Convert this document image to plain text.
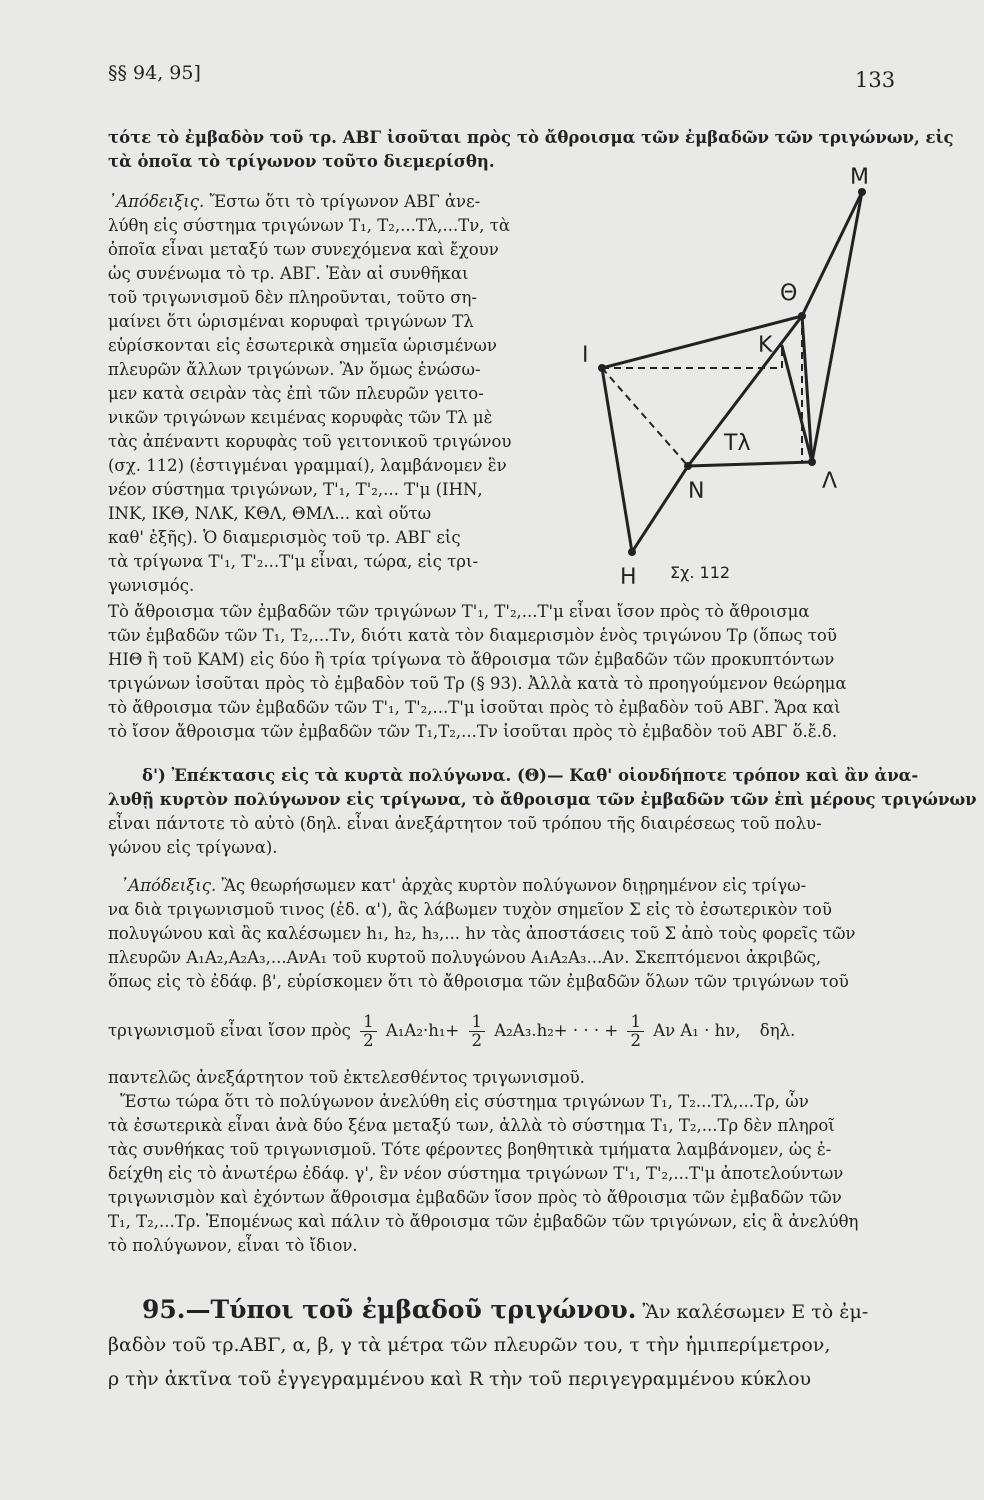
§§ 94, 95]	133
τότε τὸ ἐμβαδὸν τοῦ τρ. ΑΒΓ ἰσοῦται πρὸς τὸ ἄθροισμα τῶν ἐμβαδῶν τῶν τριγώνων, εἰς
τὰ ὁποῖα τὸ τρίγωνον τοῦτο διεμερίσθη.
᾿Απόδειξις. Ἔστω ὅτι τὸ τρίγωνον ΑΒΓ ἀνε-
λύθη εἰς σύστημα τριγώνων Τ₁, Τ₂,...Τλ,...Τν, τὰ
ὁποῖα εἶναι μεταξύ των συνεχόμενα καὶ ἔχουν
ὡς συνένωμα τὸ τρ. ΑΒΓ. Ἐὰν αἱ συνθῆκαι
τοῦ τριγωνισμοῦ δὲν πληροῦνται, τοῦτο ση-
μαίνει ὅτι ὡρισμέναι κορυφαὶ τριγώνων Τλ
εὑρίσκονται εἰς ἐσωτερικὰ σημεῖα ὡρισμένων
πλευρῶν ἄλλων τριγώνων. Ἂν ὅμως ἑνώσω-
μεν κατὰ σειρὰν τὰς ἐπὶ τῶν πλευρῶν γειτο-
νικῶν τριγώνων κειμένας κορυφὰς τῶν Τλ μὲ
τὰς ἀπέναντι κορυφὰς τοῦ γειτονικοῦ τριγώνου
(σχ. 112) (ἐστιγμέναι γραμμαί), λαμβάνομεν ἓν
νέον σύστημα τριγώνων, Τ'₁, Τ'₂,... Τ'μ (ΙΗΝ,
ΙΝΚ, ΙΚΘ, ΝΛΚ, ΚΘΛ, ΘΜΛ... καὶ οὕτω
καθ' ἑξῆς). Ὁ διαμερισμὸς τοῦ τρ. ΑΒΓ εἰς
τὰ τρίγωνα Τ'₁, Τ'₂...Τ'μ εἶναι, τώρα, εἰς τρι-
γωνισμός.
Τὸ ἄθροισμα τῶν ἐμβαδῶν τῶν τριγώνων Τ'₁, Τ'₂,...Τ'μ εἶναι ἴσον πρὸς τὸ ἄθροισμα
τῶν ἐμβαδῶν τῶν Τ₁, Τ₂,...Τν, διότι κατὰ τὸν διαμερισμὸν ἑνὸς τριγώνου Τρ (ὅπως τοῦ
ΗΙΘ ἢ τοῦ ΚΑΜ) εἰς δύο ἢ τρία τρίγωνα τὸ ἄθροισμα τῶν ἐμβαδῶν τῶν προκυπτόντων
τριγώνων ἰσοῦται πρὸς τὸ ἐμβαδὸν τοῦ Τρ (§ 93). Ἀλλὰ κατὰ τὸ προηγούμενον θεώρημα
τὸ ἄθροισμα τῶν ἐμβαδῶν τῶν Τ'₁, Τ'₂,...Τ'μ ἰσοῦται πρὸς τὸ ἐμβαδὸν τοῦ ΑΒΓ. Ἄρα καὶ
τὸ ἴσον ἄθροισμα τῶν ἐμβαδῶν τῶν Τ₁,Τ₂,...Τν ἰσοῦται πρὸς τὸ ἐμβαδὸν τοῦ ΑΒΓ ὅ.ἔ.δ.
δ') Ἐπέκτασις εἰς τὰ κυρτὰ πολύγωνα. (Θ)— Καθ' οἱονδήποτε τρόπον καὶ ἂν ἀνα-
λυθῇ κυρτὸν πολύγωνον εἰς τρίγωνα, τὸ ἄθροισμα τῶν ἐμβαδῶν τῶν ἐπὶ μέρους τριγώνων
εἶναι πάντοτε τὸ αὐτὸ (δηλ. εἶναι ἀνεξάρτητον τοῦ τρόπου τῆς διαιρέσεως τοῦ πολυ-
γώνου εἰς τρίγωνα).
᾿Απόδειξις. Ἂς θεωρήσωμεν κατ' ἀρχὰς κυρτὸν πολύγωνον διῃρημένον εἰς τρίγω-
να διὰ τριγωνισμοῦ τινος (ἐδ. α'), ἂς λάβωμεν τυχὸν σημεῖον Σ εἰς τὸ ἐσωτερικὸν τοῦ
πολυγώνου καὶ ἂς καλέσωμεν h₁, h₂, h₃,... hν τὰς ἀποστάσεις τοῦ Σ ἀπὸ τοὺς φορεῖς τῶν
πλευρῶν Α₁Α₂,Α₂Α₃,...ΑνΑ₁ τοῦ κυρτοῦ πολυγώνου Α₁Α₂Α₃...Αν. Σκεπτόμενοι ἀκριβῶς,
ὅπως εἰς τὸ ἐδάφ. β', εὑρίσκομεν ὅτι τὸ ἄθροισμα τῶν ἐμβαδῶν ὅλων τῶν τριγώνων τοῦ
τριγωνισμοῦ εἶναι ἴσον πρὸς $\frac{1}{2} A_1A_2\cdot h_1+ \frac{1}{2} A_2A_3.h_2+$ · · · + $\frac{1}{2}$ Αν Α₁ · hν, δηλ.
παντελῶς ἀνεξάρτητον τοῦ ἐκτελεσθέντος τριγωνισμοῦ.
Ἔστω τώρα ὅτι τὸ πολύγωνον ἀνελύθη εἰς σύστημα τριγώνων Τ₁, Τ₂...Τλ,...Τρ, ὧν
τὰ ἐσωτερικὰ εἶναι ἀνὰ δύο ξένα μεταξύ των, ἀλλὰ τὸ σύστημα Τ₁, Τ₂,...Τρ δὲν πληροῖ
τὰς συνθήκας τοῦ τριγωνισμοῦ. Τότε φέροντες βοηθητικὰ τμήματα λαμβάνομεν, ὡς ἐ-
δείχθη εἰς τὸ ἀνωτέρω ἐδάφ. γ', ἓν νέον σύστημα τριγώνων Τ'₁, Τ'₂,...Τ'μ ἀποτελούντων
τριγωνισμὸν καὶ ἐχόντων ἄθροισμα ἐμβαδῶν ἴσον πρὸς τὸ ἄθροισμα τῶν ἐμβαδῶν τῶν
Τ₁, Τ₂,...Τρ. Ἐπομένως καὶ πάλιν τὸ ἄθροισμα τῶν ἐμβαδῶν τῶν τριγώνων, εἰς ἃ ἀνελύθη
τὸ πολύγωνον, εἶναι τὸ ἴδιον.
95.—Τύποι τοῦ ἐμβαδοῦ τριγώνου. Ἂν καλέσωμεν Ε τὸ ἐμ-
βαδὸν τοῦ τρ.ΑΒΓ, α, β, γ τὰ μέτρα τῶν πλευρῶν του, τ τὴν ἡμιπερίμετρον,
ρ τὴν ἀκτῖνα τοῦ ἐγγεγραμμένου καὶ R τὴν τοῦ περιγεγραμμένου κύκλου
Μ
Θ
Κ
Ι
Τλ
Λ
Ν
Η Σχ. 112
